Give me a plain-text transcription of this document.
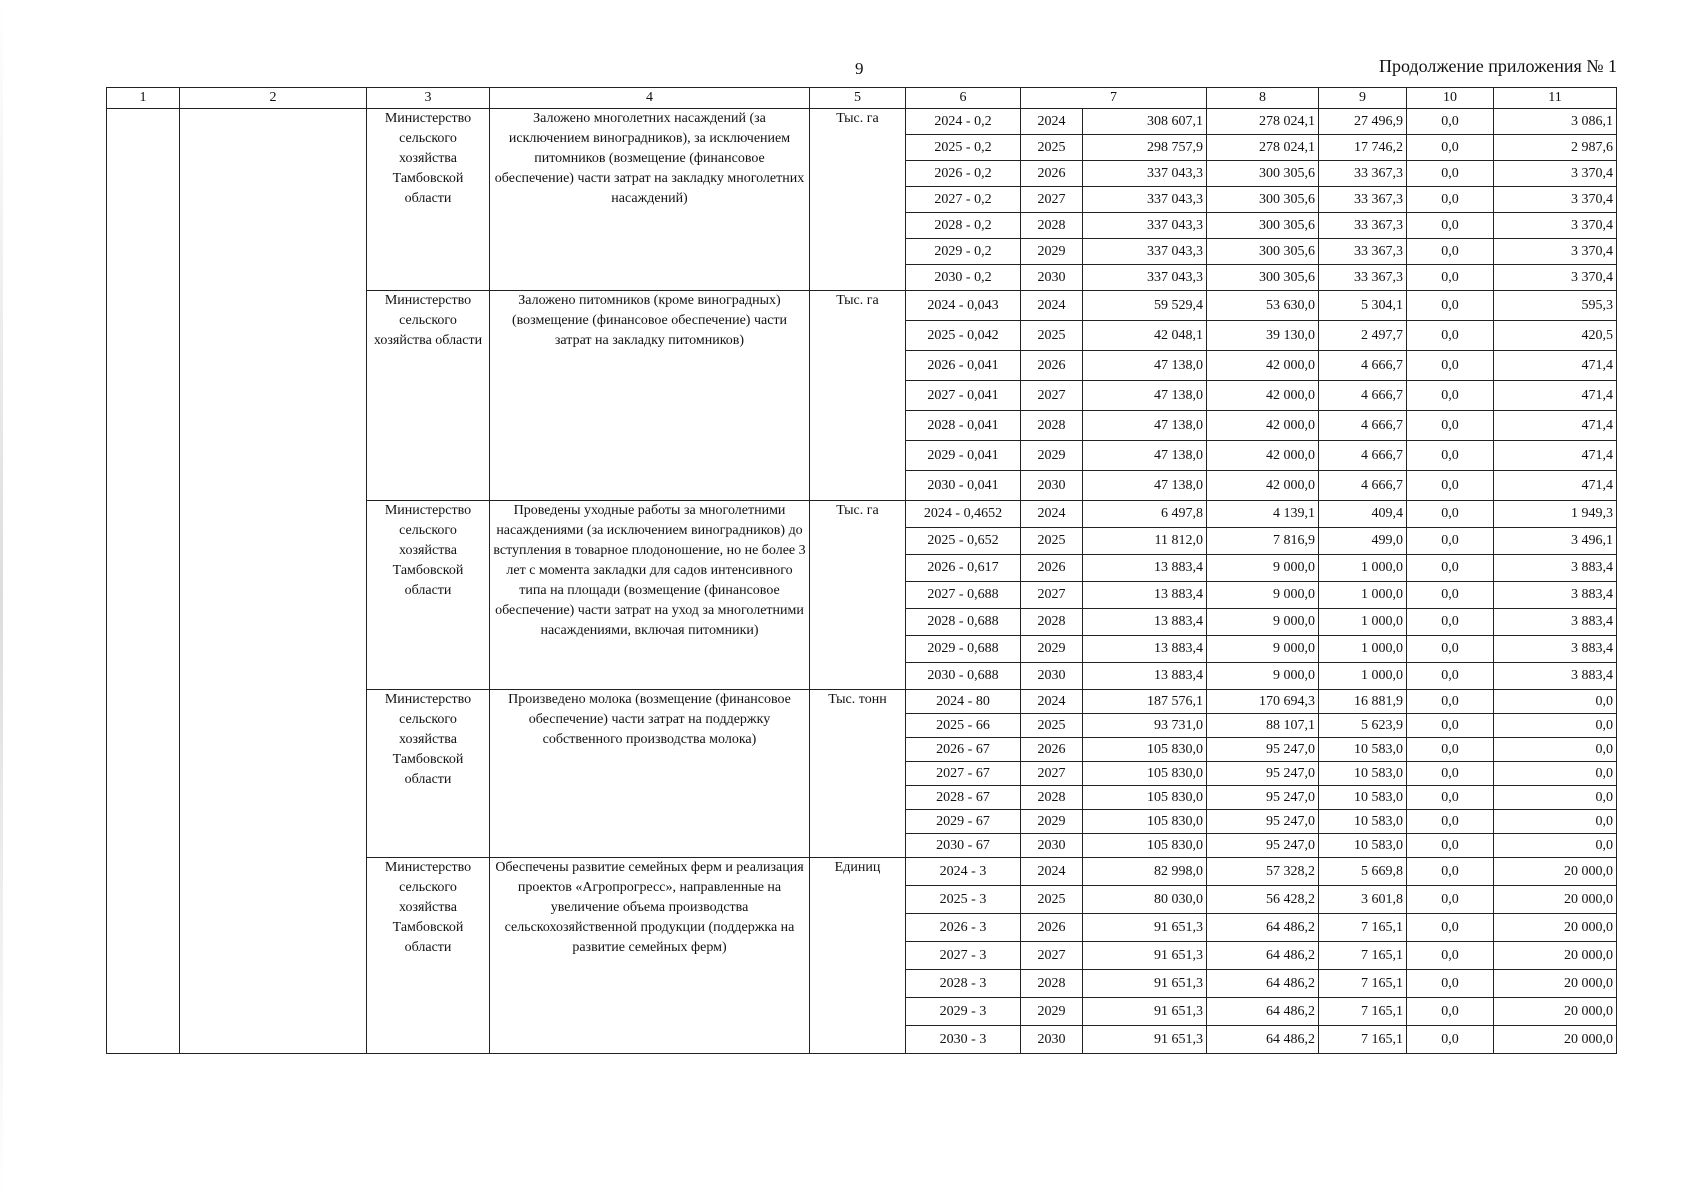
9	Продолжение приложения № 1
1	2	3	4	5	6	7		8	9	10	11
		Министерство сельского хозяйства Тамбовской области	Заложено многолетних насаждений (за исключением виноградников), за исключением питомников (возмещение (финансовое обеспечение) части затрат на закладку многолетних насаждений)	Тыс. га	2024 - 0,2	2024	308 607,1	278 024,1	27 496,9	0,0	3 086,1
					2025 - 0,2	2025	298 757,9	278 024,1	17 746,2	0,0	2 987,6
					2026 - 0,2	2026	337 043,3	300 305,6	33 367,3	0,0	3 370,4
					2027 - 0,2	2027	337 043,3	300 305,6	33 367,3	0,0	3 370,4
					2028 - 0,2	2028	337 043,3	300 305,6	33 367,3	0,0	3 370,4
					2029 - 0,2	2029	337 043,3	300 305,6	33 367,3	0,0	3 370,4
					2030 - 0,2	2030	337 043,3	300 305,6	33 367,3	0,0	3 370,4
		Министерство сельского хозяйства области	Заложено питомников (кроме виноградных) (возмещение (финансовое обеспечение) части затрат на закладку питомников)	Тыс. га	2024 - 0,043	2024	59 529,4	53 630,0	5 304,1	0,0	595,3
					2025 - 0,042	2025	42 048,1	39 130,0	2 497,7	0,0	420,5
					2026 - 0,041	2026	47 138,0	42 000,0	4 666,7	0,0	471,4
					2027 - 0,041	2027	47 138,0	42 000,0	4 666,7	0,0	471,4
					2028 - 0,041	2028	47 138,0	42 000,0	4 666,7	0,0	471,4
					2029 - 0,041	2029	47 138,0	42 000,0	4 666,7	0,0	471,4
					2030 - 0,041	2030	47 138,0	42 000,0	4 666,7	0,0	471,4
		Министерство сельского хозяйства Тамбовской области	Проведены уходные работы за многолетними насаждениями (за исключением виноградников) до вступления в товарное плодоношение, но не более 3 лет с момента закладки для садов интенсивного типа на площади (возмещение (финансовое обеспечение) части затрат на уход за многолетними насаждениями, включая питомники)	Тыс. га	2024 - 0,4652	2024	6 497,8	4 139,1	409,4	0,0	1 949,3
					2025 - 0,652	2025	11 812,0	7 816,9	499,0	0,0	3 496,1
					2026 - 0,617	2026	13 883,4	9 000,0	1 000,0	0,0	3 883,4
					2027 - 0,688	2027	13 883,4	9 000,0	1 000,0	0,0	3 883,4
					2028 - 0,688	2028	13 883,4	9 000,0	1 000,0	0,0	3 883,4
					2029 - 0,688	2029	13 883,4	9 000,0	1 000,0	0,0	3 883,4
					2030 - 0,688	2030	13 883,4	9 000,0	1 000,0	0,0	3 883,4
		Министерство сельского хозяйства Тамбовской области	Произведено молока (возмещение (финансовое обеспечение) части затрат на поддержку собственного производства молока)	Тыс. тонн	2024 - 80	2024	187 576,1	170 694,3	16 881,9	0,0	0,0
					2025 - 66	2025	93 731,0	88 107,1	5 623,9	0,0	0,0
					2026 - 67	2026	105 830,0	95 247,0	10 583,0	0,0	0,0
					2027 - 67	2027	105 830,0	95 247,0	10 583,0	0,0	0,0
					2028 - 67	2028	105 830,0	95 247,0	10 583,0	0,0	0,0
					2029 - 67	2029	105 830,0	95 247,0	10 583,0	0,0	0,0
					2030 - 67	2030	105 830,0	95 247,0	10 583,0	0,0	0,0
		Министерство сельского хозяйства Тамбовской области	Обеспечены развитие семейных ферм и реализация проектов «Агропрогресс», направленные на увеличение объема производства сельскохозяйственной продукции (поддержка на развитие семейных ферм)	Единиц	2024 - 3	2024	82 998,0	57 328,2	5 669,8	0,0	20 000,0
					2025 - 3	2025	80 030,0	56 428,2	3 601,8	0,0	20 000,0
					2026 - 3	2026	91 651,3	64 486,2	7 165,1	0,0	20 000,0
					2027 - 3	2027	91 651,3	64 486,2	7 165,1	0,0	20 000,0
					2028 - 3	2028	91 651,3	64 486,2	7 165,1	0,0	20 000,0
					2029 - 3	2029	91 651,3	64 486,2	7 165,1	0,0	20 000,0
					2030 - 3	2030	91 651,3	64 486,2	7 165,1	0,0	20 000,0
